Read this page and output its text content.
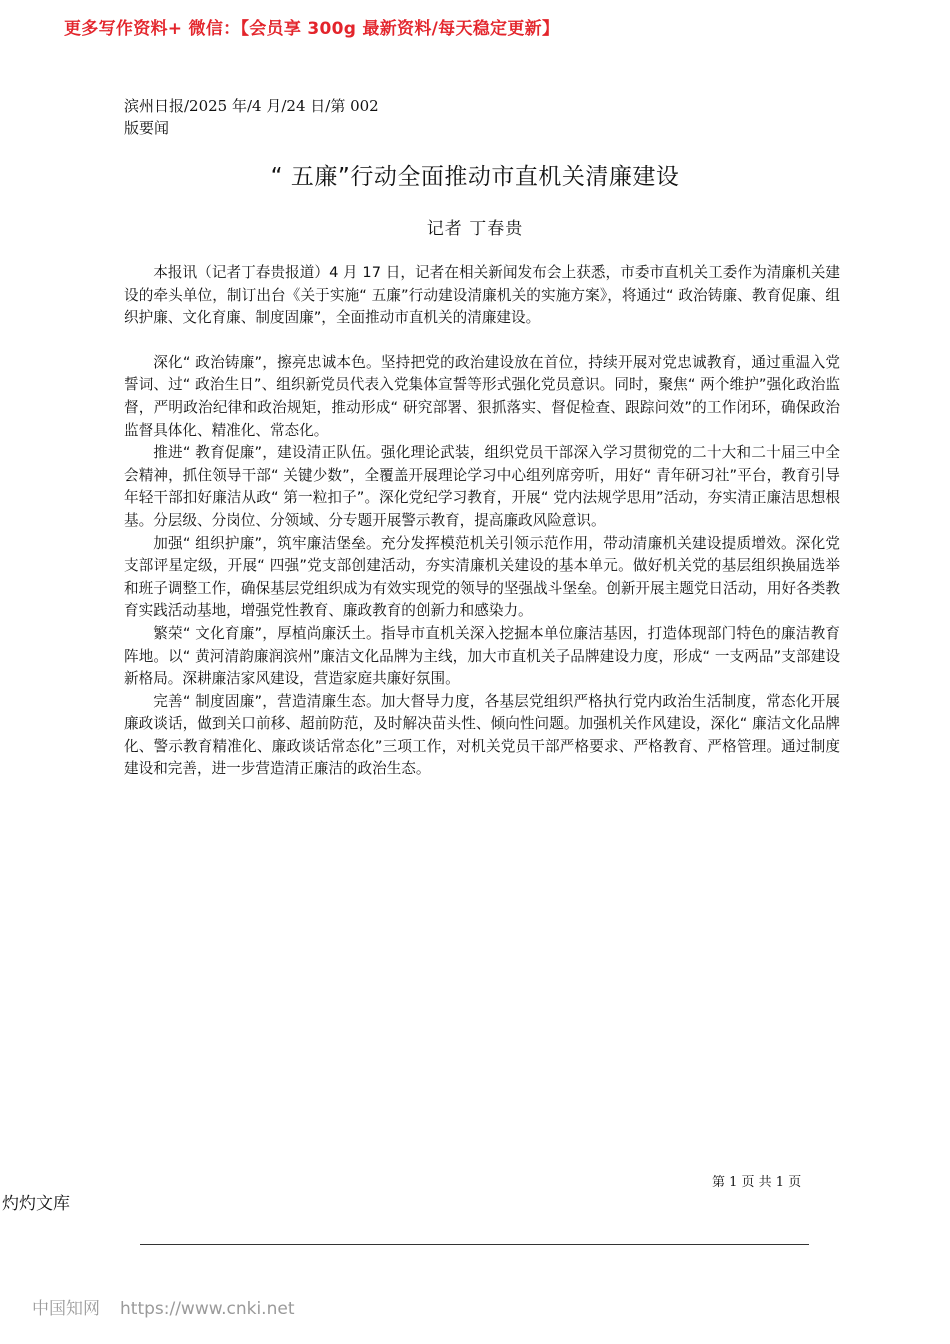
更多写作资料+ 微信：【会员享 300g 最新资料/每天稳定更新】
滨州日报/2025 年/4 月/24 日/第 002
版要闻
“ 五廉”行动全面推动市直机关清廉建设
记者 丁春贵

本报讯（记者丁春贵报道）4 月 17 日，记者在相关新闻发布会上获悉，市委市直机关工委作为清廉机关建设的牵头单位，制订出台《关于实施“ 五廉”行动建设清廉机关的实施方案》，将通过“ 政治铸廉、教育促廉、组织护廉、文化育廉、制度固廉”，全面推动市直机关的清廉建设。

深化“ 政治铸廉”，擦亮忠诚本色。坚持把党的政治建设放在首位，持续开展对党忠诚教育，通过重温入党誓词、过“ 政治生日”、组织新党员代表入党集体宣誓等形式强化党员意识。同时，聚焦“ 两个维护”强化政治监督，严明政治纪律和政治规矩，推动形成“ 研究部署、狠抓落实、督促检查、跟踪问效”的工作闭环，确保政治监督具体化、精准化、常态化。

推进“ 教育促廉”，建设清正队伍。强化理论武装，组织党员干部深入学习贯彻党的二十大和二十届三中全会精神，抓住领导干部“ 关键少数”，全覆盖开展理论学习中心组列席旁听，用好“ 青年研习社”平台，教育引导年轻干部扣好廉洁从政“ 第一粒扣子”。深化党纪学习教育，开展“ 党内法规学思用”活动，夯实清正廉洁思想根基。分层级、分岗位、分领域、分专题开展警示教育，提高廉政风险意识。

加强“ 组织护廉”，筑牢廉洁堡垒。充分发挥模范机关引领示范作用，带动清廉机关建设提质增效。深化党支部评星定级，开展“ 四强”党支部创建活动，夯实清廉机关建设的基本单元。做好机关党的基层组织换届选举和班子调整工作，确保基层党组织成为有效实现党的领导的坚强战斗堡垒。创新开展主题党日活动，用好各类教育实践活动基地，增强党性教育、廉政教育的创新力和感染力。

繁荣“ 文化育廉”，厚植尚廉沃土。指导市直机关深入挖掘本单位廉洁基因，打造体现部门特色的廉洁教育阵地。以“ 黄河清韵廉润滨州”廉洁文化品牌为主线，加大市直机关子品牌建设力度，形成“ 一支两品”支部建设新格局。深耕廉洁家风建设，营造家庭共廉好氛围。

完善“ 制度固廉”，营造清廉生态。加大督导力度，各基层党组织严格执行党内政治生活制度，常态化开展廉政谈话，做到关口前移、超前防范，及时解决苗头性、倾向性问题。加强机关作风建设，深化“ 廉洁文化品牌化、警示教育精准化、廉政谈话常态化”三项工作，对机关党员干部严格要求、严格教育、严格管理。通过制度建设和完善，进一步营造清正廉洁的政治生态。

第 1 页 共 1 页
灼灼文库
中国知网 https://www.cnki.net
